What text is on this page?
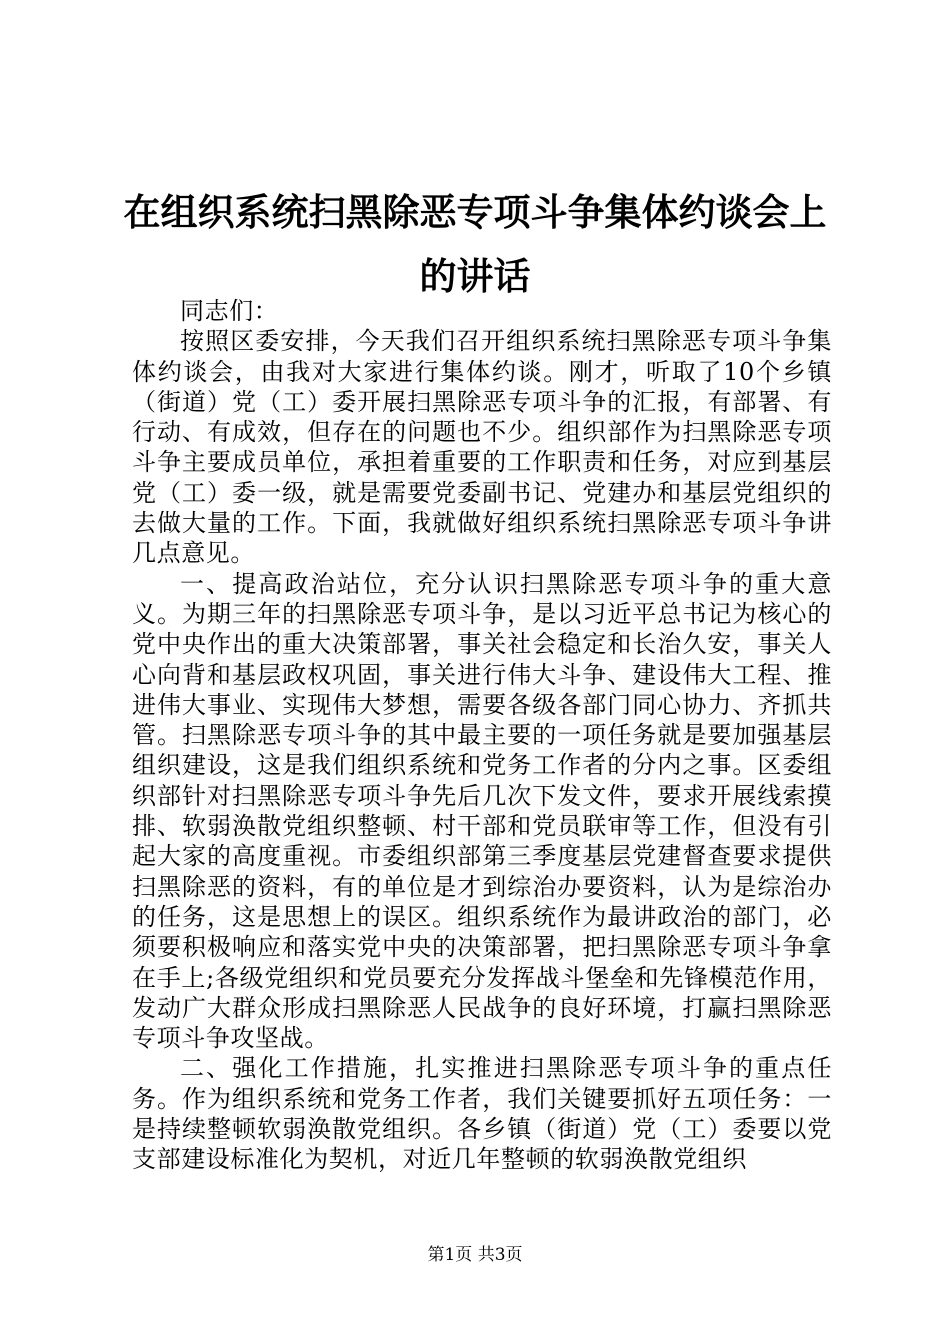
在组织系统扫黑除恶专项斗争集体约谈会上的讲话

同志们：

按照区委安排，今天我们召开组织系统扫黑除恶专项斗争集体约谈会，由我对大家进行集体约谈。刚才，听取了10个乡镇（街道）党（工）委开展扫黑除恶专项斗争的汇报，有部署、有行动、有成效，但存在的问题也不少。组织部作为扫黑除恶专项斗争主要成员单位，承担着重要的工作职责和任务，对应到基层党（工）委一级，就是需要党委副书记、党建办和基层党组织的去做大量的工作。下面，我就做好组织系统扫黑除恶专项斗争讲几点意见。

一、提高政治站位，充分认识扫黑除恶专项斗争的重大意义。为期三年的扫黑除恶专项斗争，是以习近平总书记为核心的党中央作出的重大决策部署，事关社会稳定和长治久安，事关人心向背和基层政权巩固，事关进行伟大斗争、建设伟大工程、推进伟大事业、实现伟大梦想，需要各级各部门同心协力、齐抓共管。扫黑除恶专项斗争的其中最主要的一项任务就是要加强基层组织建设，这是我们组织系统和党务工作者的分内之事。区委组织部针对扫黑除恶专项斗争先后几次下发文件，要求开展线索摸排、软弱涣散党组织整顿、村干部和党员联审等工作，但没有引起大家的高度重视。市委组织部第三季度基层党建督查要求提供扫黑除恶的资料，有的单位是才到综治办要资料，认为是综治办的任务，这是思想上的误区。组织系统作为最讲政治的部门，必须要积极响应和落实党中央的决策部署，把扫黑除恶专项斗争拿在手上;各级党组织和党员要充分发挥战斗堡垒和先锋模范作用，发动广大群众形成扫黑除恶人民战争的良好环境，打赢扫黑除恶专项斗争攻坚战。

二、强化工作措施，扎实推进扫黑除恶专项斗争的重点任务。作为组织系统和党务工作者，我们关键要抓好五项任务：一是持续整顿软弱涣散党组织。各乡镇（街道）党（工）委要以党支部建设标准化为契机，对近几年整顿的软弱涣散党组织

第1页 共3页
